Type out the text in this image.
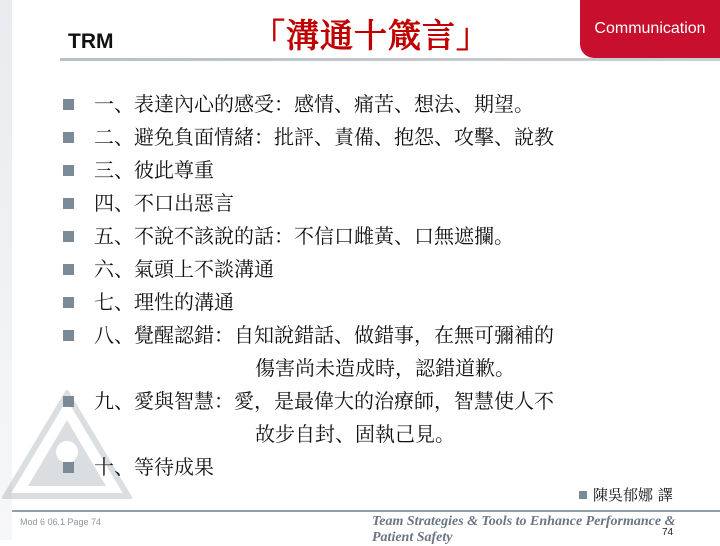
TRM	「溝通十箴言」	Communication
一、表達內心的感受：感情、痛苦、想法、期望。
二、避免負面情緒：批評、責備、抱怨、攻擊、說教
三、彼此尊重
四、不口出惡言
五、不說不該說的話：不信口雌黃、口無遮攔。
六、氣頭上不談溝通
七、理性的溝通
八、覺醒認錯：自知說錯話、做錯事，在無可彌補的
傷害尚未造成時，認錯道歉。
九、愛與智慧：愛，是最偉大的治療師，智慧使人不
故步自封、固執己見。
十、等待成果
陳吳郁娜 譯
Mod 6 06.1 Page 74	Team Strategies & Tools to Enhance Performance & Patient Safety	74
